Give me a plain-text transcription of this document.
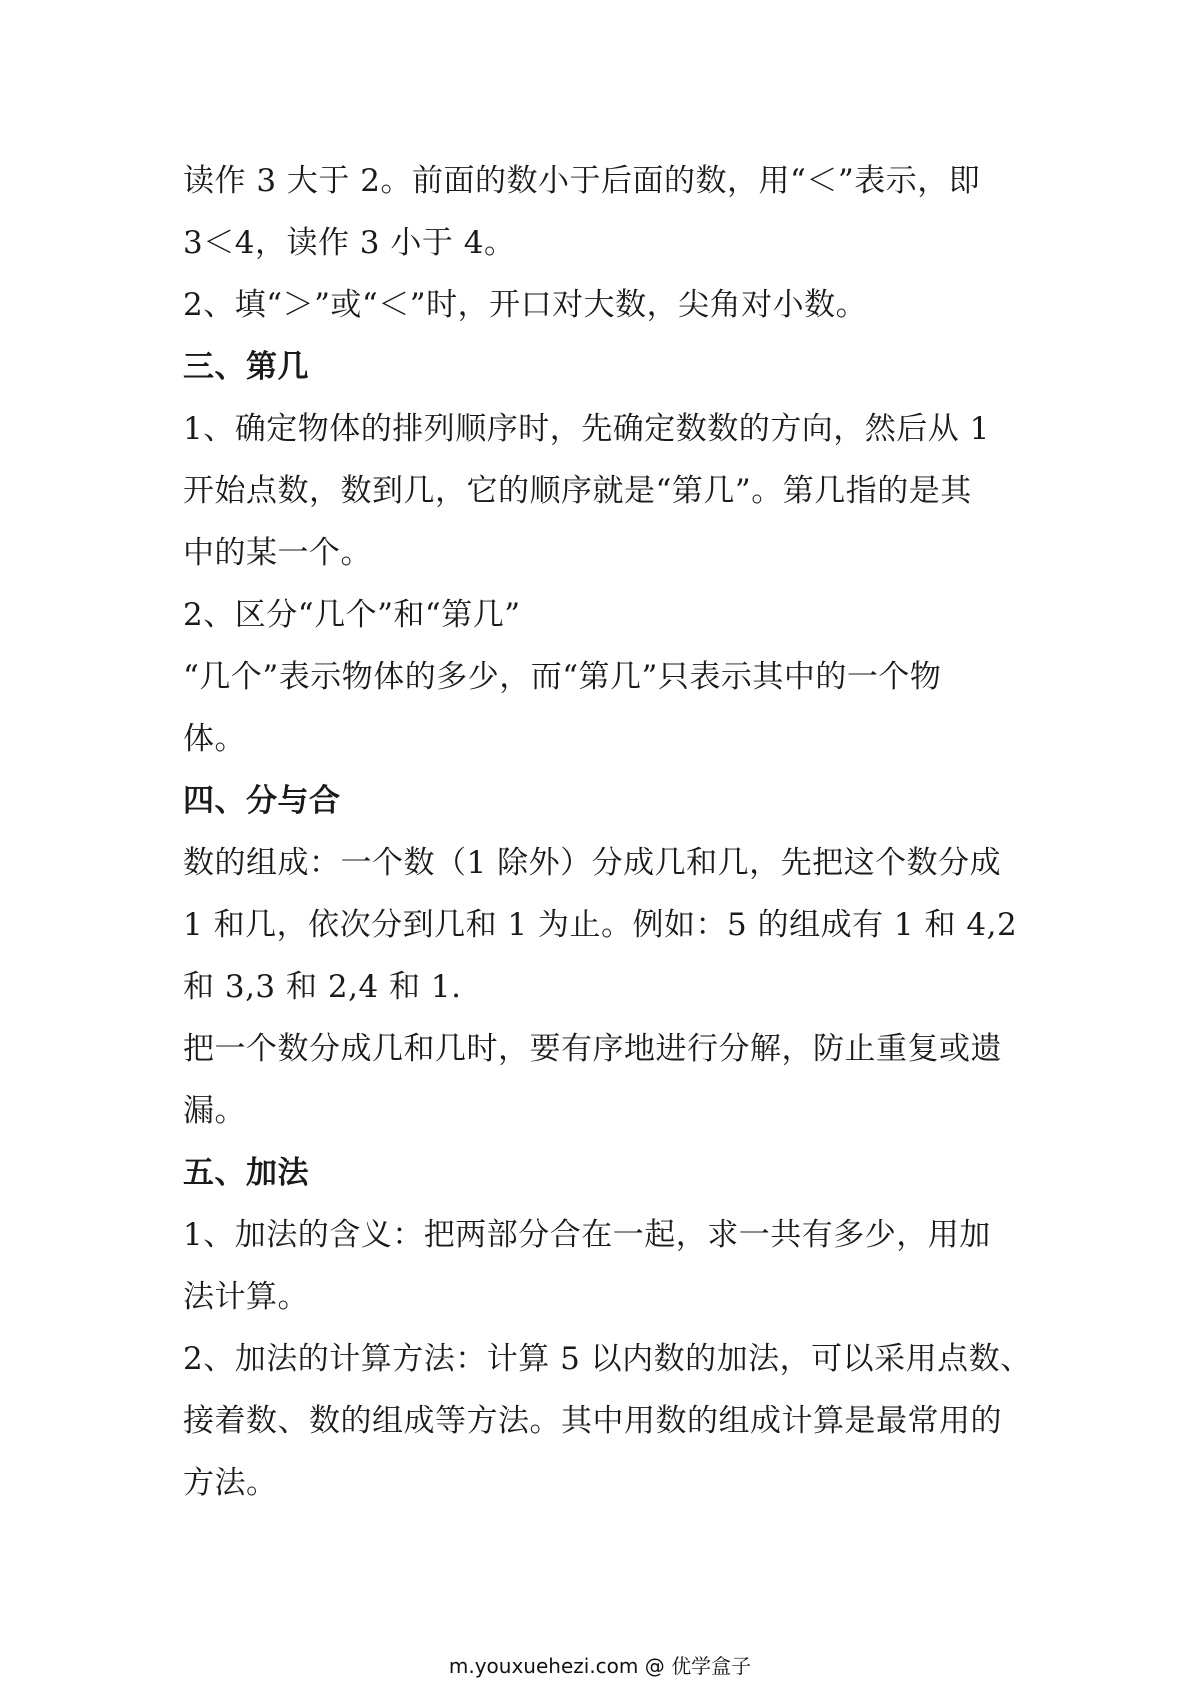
读作 3 大于 2。前面的数小于后面的数，用“＜”表示，即
3＜4，读作 3 小于 4。
2、填“＞”或“＜”时，开口对大数，尖角对小数。
三、第几
1、确定物体的排列顺序时，先确定数数的方向，然后从 1
开始点数，数到几，它的顺序就是“第几”。第几指的是其
中的某一个。
2、区分“几个”和“第几”
“几个”表示物体的多少，而“第几”只表示其中的一个物
体。
四、分与合
数的组成：一个数（1 除外）分成几和几，先把这个数分成
1 和几，依次分到几和 1 为止。例如：5 的组成有 1 和 4,2
和 3,3 和 2,4 和 1.
把一个数分成几和几时，要有序地进行分解，防止重复或遗
漏。
五、加法
1、加法的含义：把两部分合在一起，求一共有多少，用加
法计算。
2、加法的计算方法：计算 5 以内数的加法，可以采用点数、
接着数、数的组成等方法。其中用数的组成计算是最常用的
方法。
m.youxuehezi.com @ 优学盒子
